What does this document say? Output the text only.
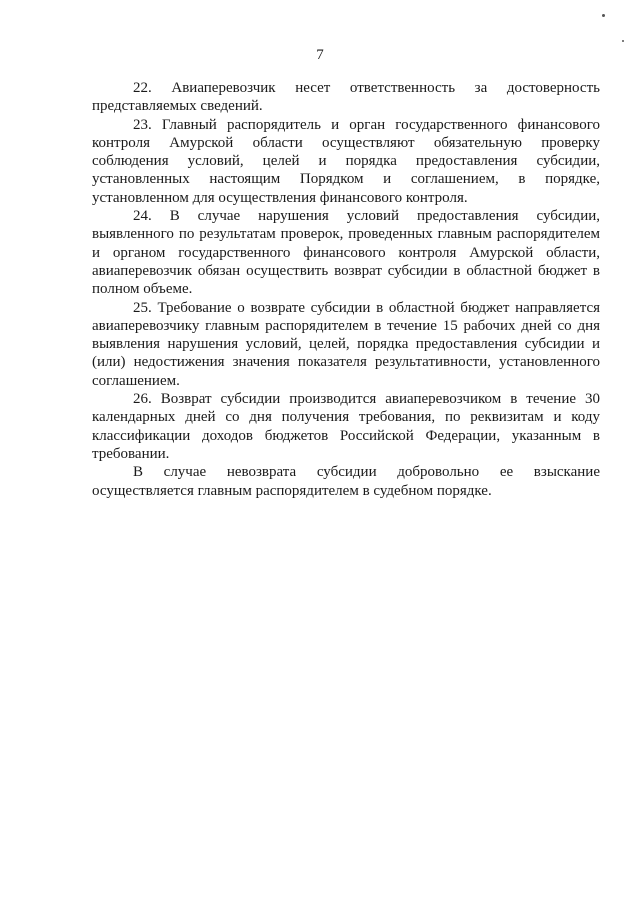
7

22. Авиаперевозчик несет ответственность за достоверность представляемых сведений.

23. Главный распорядитель и орган государственного финансового контроля Амурской области осуществляют обязательную проверку соблюдения условий, целей и порядка предоставления субсидии, установленных настоящим Порядком и соглашением, в порядке, установленном для осуществления финансового контроля.

24. В случае нарушения условий предоставления субсидии, выявленного по результатам проверок, проведенных главным распорядителем и органом государственного финансового контроля Амурской области, авиаперевозчик обязан осуществить возврат субсидии в областной бюджет в полном объеме.

25. Требование о возврате субсидии в областной бюджет направляется авиаперевозчику главным распорядителем в течение 15 рабочих дней со дня выявления нарушения условий, целей, порядка предоставления субсидии и (или) недостижения значения показателя результативности, установленного соглашением.

26. Возврат субсидии производится авиаперевозчиком в течение 30 календарных дней со дня получения требования, по реквизитам и коду классификации доходов бюджетов Российской Федерации, указанным в требовании.

В случае невозврата субсидии добровольно ее взыскание осуществляется главным распорядителем в судебном порядке.
